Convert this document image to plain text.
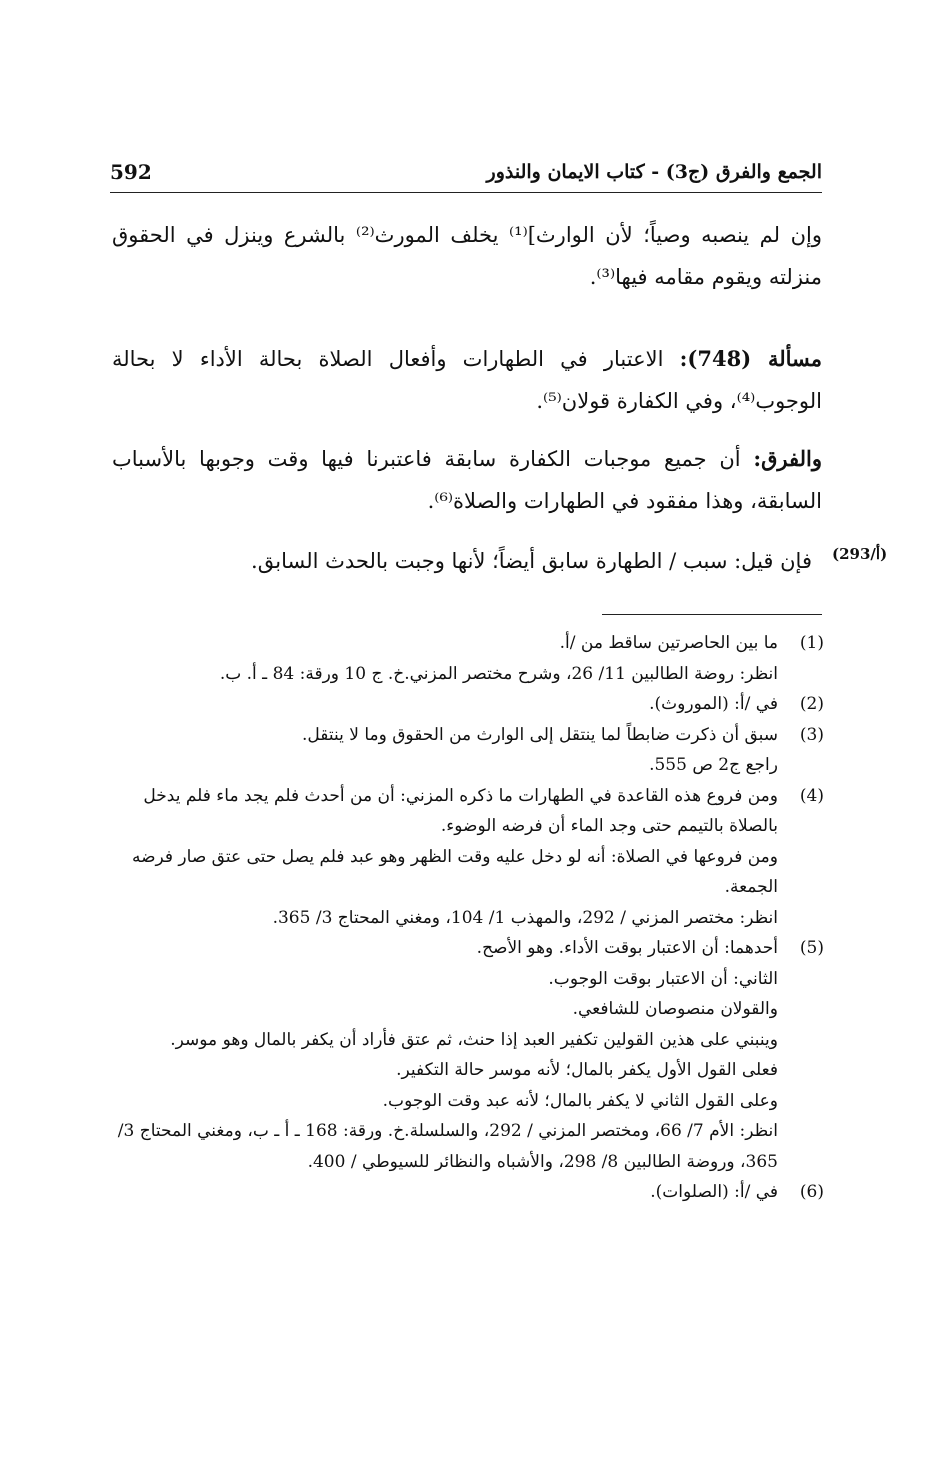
592	الجمع والفرق (ج3) - كتاب الايمان والنذور

وإن لم ينصبه وصياً؛ لأن الوارث]⁽¹⁾ يخلف المورث⁽²⁾ بالشرع وينزل في الحقوق منزلته ويقوم مقامه فيها⁽³⁾.

مسألة (748): الاعتبار في الطهارات وأفعال الصلاة بحالة الأداء لا بحالة الوجوب⁽⁴⁾، وفي الكفارة قولان⁽⁵⁾.

والفرق: أن جميع موجبات الكفارة سابقة فاعتبرنا فيها وقت وجوبها بالأسباب السابقة، وهذا مفقود في الطهارات والصلاة⁽⁶⁾.

(293/أ)

فإن قيل: سبب / الطهارة سابق أيضاً؛ لأنها وجبت بالحدث السابق.

(1)
ما بين الحاصرتين ساقط من /أ.
انظر: روضة الطالبين 11/ 26، وشرح مختصر المزني.خ. ج 10 ورقة: 84 ـ أ. ب.
(2)
في /أ: (الموروث).
(3)
سبق أن ذكرت ضابطاً لما ينتقل إلى الوارث من الحقوق وما لا ينتقل.
راجع ج2 ص 555.
(4)
ومن فروع هذه القاعدة في الطهارات ما ذكره المزني: أن من أحدث فلم يجد ماء فلم يدخل بالصلاة بالتيمم حتى وجد الماء أن فرضه الوضوء.
ومن فروعها في الصلاة: أنه لو دخل عليه وقت الظهر وهو عبد فلم يصل حتى عتق صار فرضه الجمعة.
انظر: مختصر المزني / 292، والمهذب 1/ 104، ومغني المحتاج 3/ 365.
(5)
أحدهما: أن الاعتبار بوقت الأداء. وهو الأصح.
الثاني: أن الاعتبار بوقت الوجوب.
والقولان منصوصان للشافعي.
وينبني على هذين القولين تكفير العبد إذا حنث، ثم عتق فأراد أن يكفر بالمال وهو موسر.
فعلى القول الأول يكفر بالمال؛ لأنه موسر حالة التكفير.
وعلى القول الثاني لا يكفر بالمال؛ لأنه عبد وقت الوجوب.
انظر: الأم 7/ 66، ومختصر المزني / 292، والسلسلة.خ. ورقة: 168 ـ أ ـ ب، ومغني المحتاج 3/ 365، وروضة الطالبين 8/ 298، والأشباه والنظائر للسيوطي / 400.
(6)
في /أ: (الصلوات).
